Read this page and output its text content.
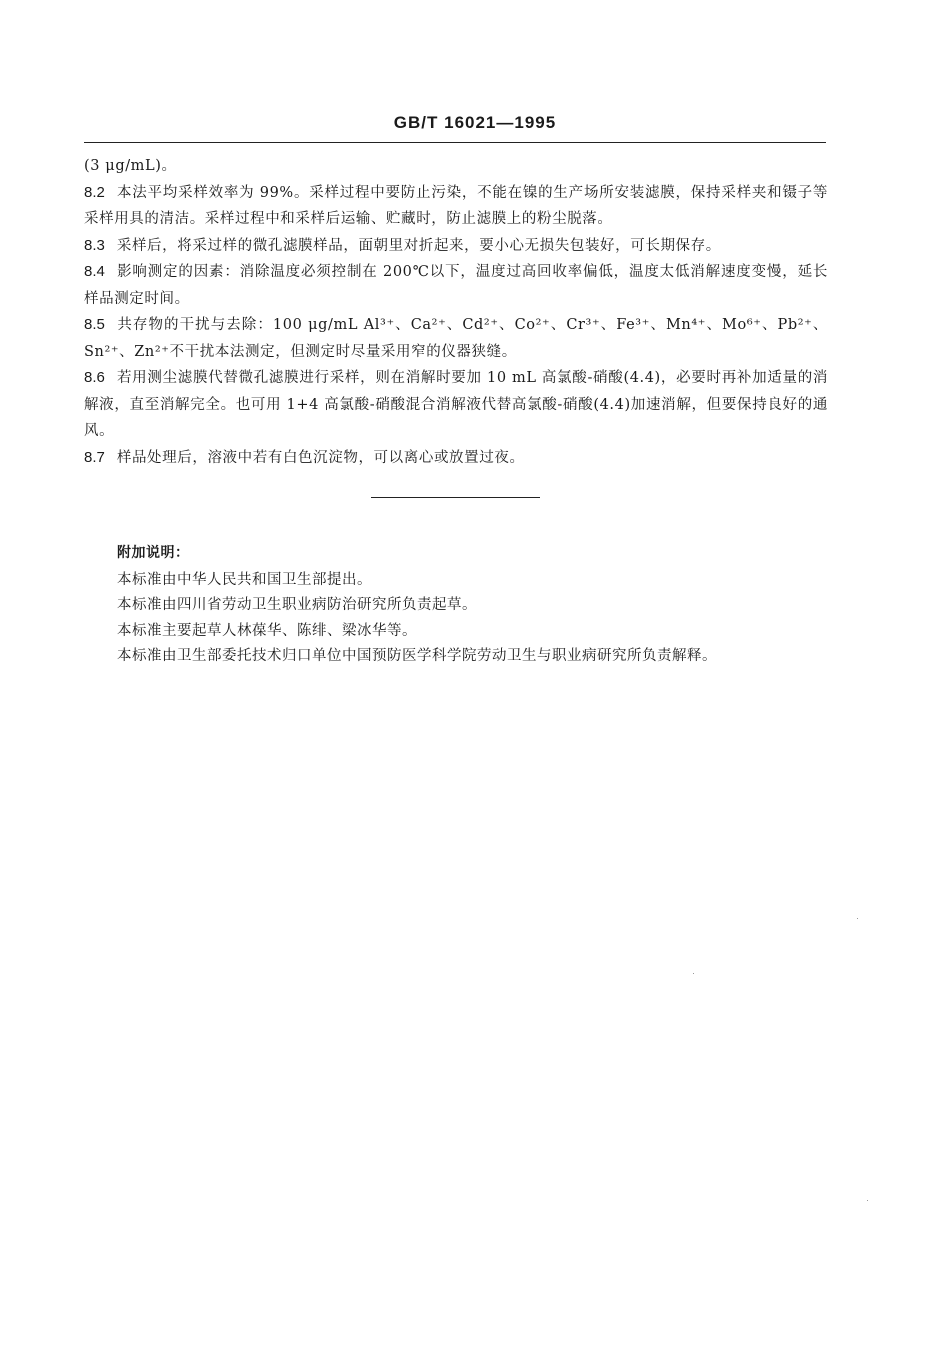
GB/T 16021—1995

(3 μg/mL)。

8.2 本法平均采样效率为 99%。采样过程中要防止污染，不能在镍的生产场所安装滤膜，保持采样夹和镊子等采样用具的清洁。采样过程中和采样后运输、贮藏时，防止滤膜上的粉尘脱落。

8.3 采样后，将采过样的微孔滤膜样品，面朝里对折起来，要小心无损失包装好，可长期保存。

8.4 影响测定的因素：消除温度必须控制在 200℃以下，温度过高回收率偏低，温度太低消解速度变慢，延长样品测定时间。

8.5 共存物的干扰与去除：100 μg/mL Al³⁺、Ca²⁺、Cd²⁺、Co²⁺、Cr³⁺、Fe³⁺、Mn⁴⁺、Mo⁶⁺、Pb²⁺、Sn²⁺、Zn²⁺不干扰本法测定，但测定时尽量采用窄的仪器狭缝。

8.6 若用测尘滤膜代替微孔滤膜进行采样，则在消解时要加 10 mL 高氯酸-硝酸(4.4)，必要时再补加适量的消解液，直至消解完全。也可用 1+4 高氯酸-硝酸混合消解液代替高氯酸-硝酸(4.4)加速消解，但要保持良好的通风。

8.7 样品处理后，溶液中若有白色沉淀物，可以离心或放置过夜。

附加说明：

本标准由中华人民共和国卫生部提出。

本标准由四川省劳动卫生职业病防治研究所负责起草。

本标准主要起草人林葆华、陈绯、梁冰华等。

本标准由卫生部委托技术归口单位中国预防医学科学院劳动卫生与职业病研究所负责解释。
